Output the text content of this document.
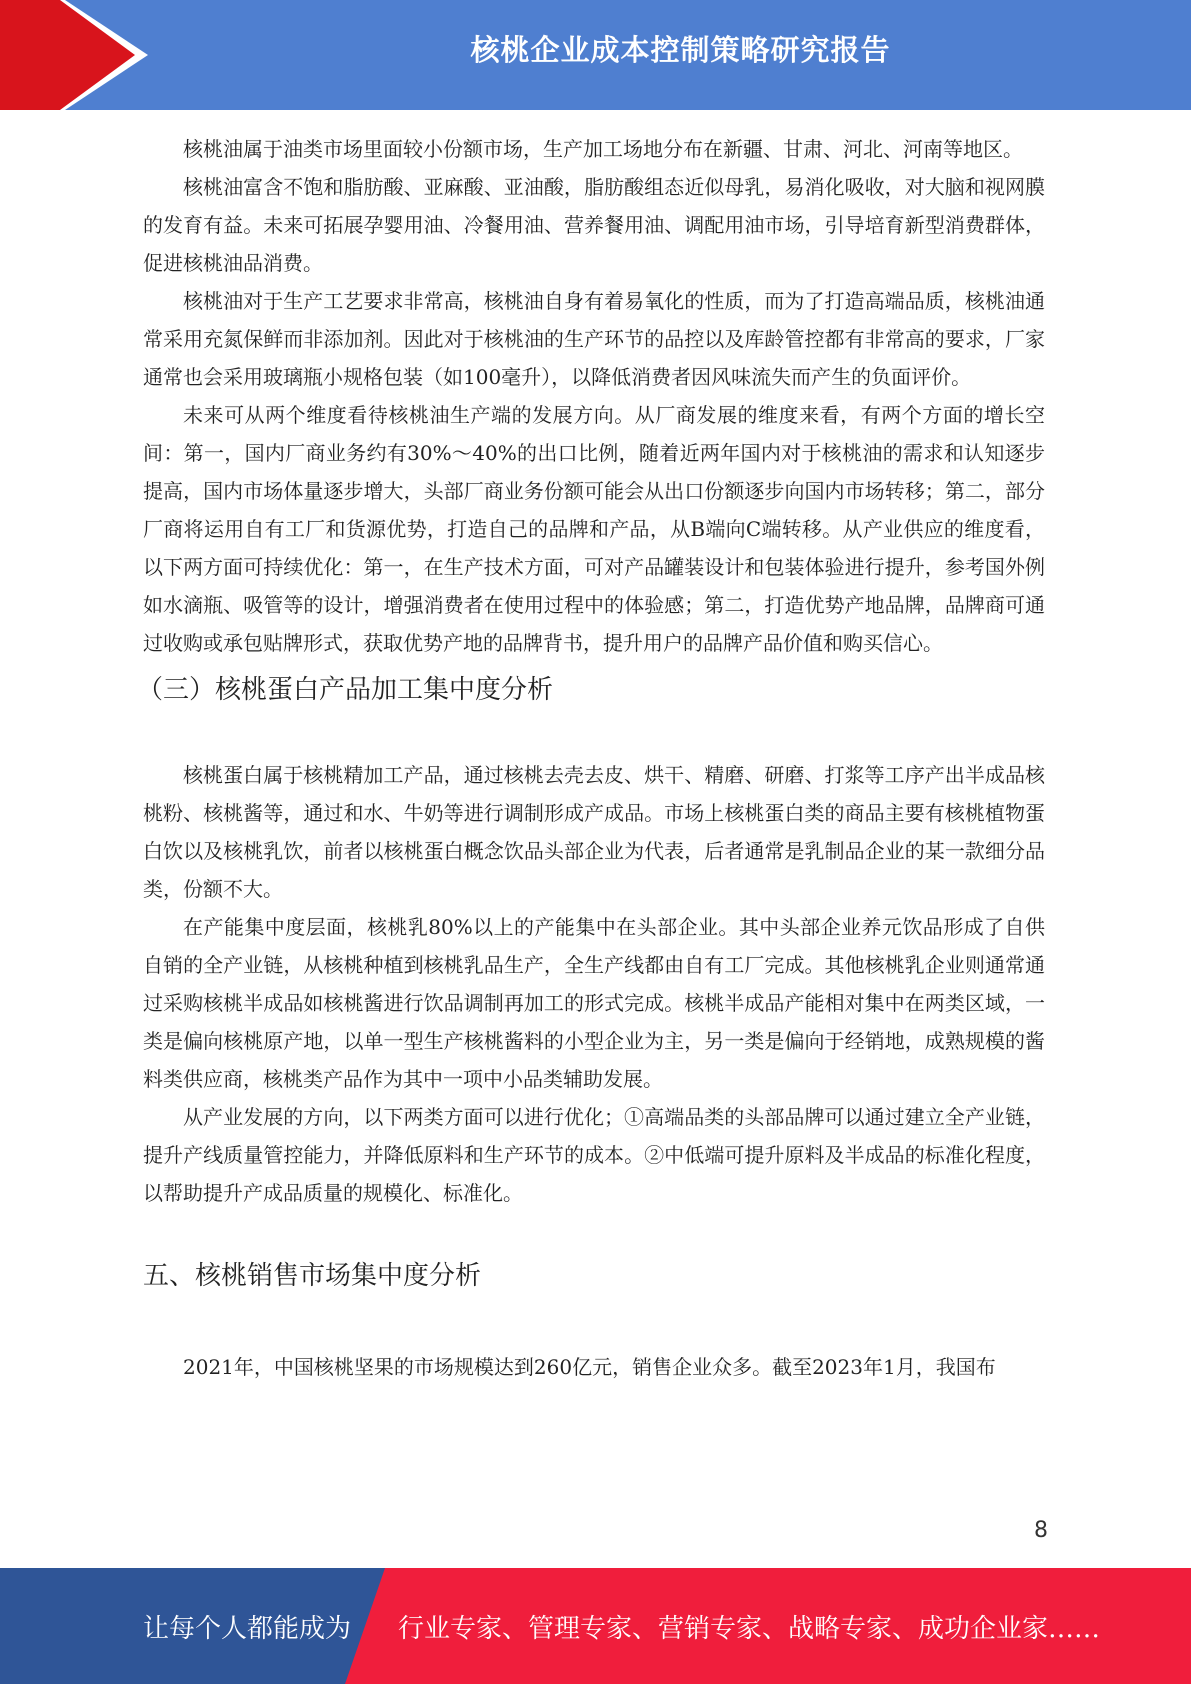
核桃企业成本控制策略研究报告

核桃油属于油类市场里面较小份额市场，生产加工场地分布在新疆、甘肃、河北、河南等地区。

核桃油富含不饱和脂肪酸、亚麻酸、亚油酸，脂肪酸组态近似母乳，易消化吸收，对大脑和视网膜的发育有益。未来可拓展孕婴用油、冷餐用油、营养餐用油、调配用油市场，引导培育新型消费群体，促进核桃油品消费。

核桃油对于生产工艺要求非常高，核桃油自身有着易氧化的性质，而为了打造高端品质，核桃油通常采用充氮保鲜而非添加剂。因此对于核桃油的生产环节的品控以及库龄管控都有非常高的要求，厂家通常也会采用玻璃瓶小规格包装（如100毫升），以降低消费者因风味流失而产生的负面评价。

未来可从两个维度看待核桃油生产端的发展方向。从厂商发展的维度来看，有两个方面的增长空间：第一，国内厂商业务约有30%～40%的出口比例，随着近两年国内对于核桃油的需求和认知逐步提高，国内市场体量逐步增大，头部厂商业务份额可能会从出口份额逐步向国内市场转移；第二，部分厂商将运用自有工厂和货源优势，打造自己的品牌和产品，从B端向C端转移。从产业供应的维度看，以下两方面可持续优化：第一，在生产技术方面，可对产品罐装设计和包装体验进行提升，参考国外例如水滴瓶、吸管等的设计，增强消费者在使用过程中的体验感；第二，打造优势产地品牌，品牌商可通过收购或承包贴牌形式，获取优势产地的品牌背书，提升用户的品牌产品价值和购买信心。

（三）核桃蛋白产品加工集中度分析

核桃蛋白属于核桃精加工产品，通过核桃去壳去皮、烘干、精磨、研磨、打浆等工序产出半成品核桃粉、核桃酱等，通过和水、牛奶等进行调制形成产成品。市场上核桃蛋白类的商品主要有核桃植物蛋白饮以及核桃乳饮，前者以核桃蛋白概念饮品头部企业为代表，后者通常是乳制品企业的某一款细分品类，份额不大。

在产能集中度层面，核桃乳80%以上的产能集中在头部企业。其中头部企业养元饮品形成了自供自销的全产业链，从核桃种植到核桃乳品生产，全生产线都由自有工厂完成。其他核桃乳企业则通常通过采购核桃半成品如核桃酱进行饮品调制再加工的形式完成。核桃半成品产能相对集中在两类区域，一类是偏向核桃原产地，以单一型生产核桃酱料的小型企业为主，另一类是偏向于经销地，成熟规模的酱料类供应商，核桃类产品作为其中一项中小品类辅助发展。

从产业发展的方向，以下两类方面可以进行优化；①高端品类的头部品牌可以通过建立全产业链，提升产线质量管控能力，并降低原料和生产环节的成本。②中低端可提升原料及半成品的标准化程度，以帮助提升产成品质量的规模化、标准化。

五、核桃销售市场集中度分析

2021年，中国核桃坚果的市场规模达到260亿元，销售企业众多。截至2023年1月，我国布

8
让每个人都能成为 行业专家、管理专家、营销专家、战略专家、成功企业家……
